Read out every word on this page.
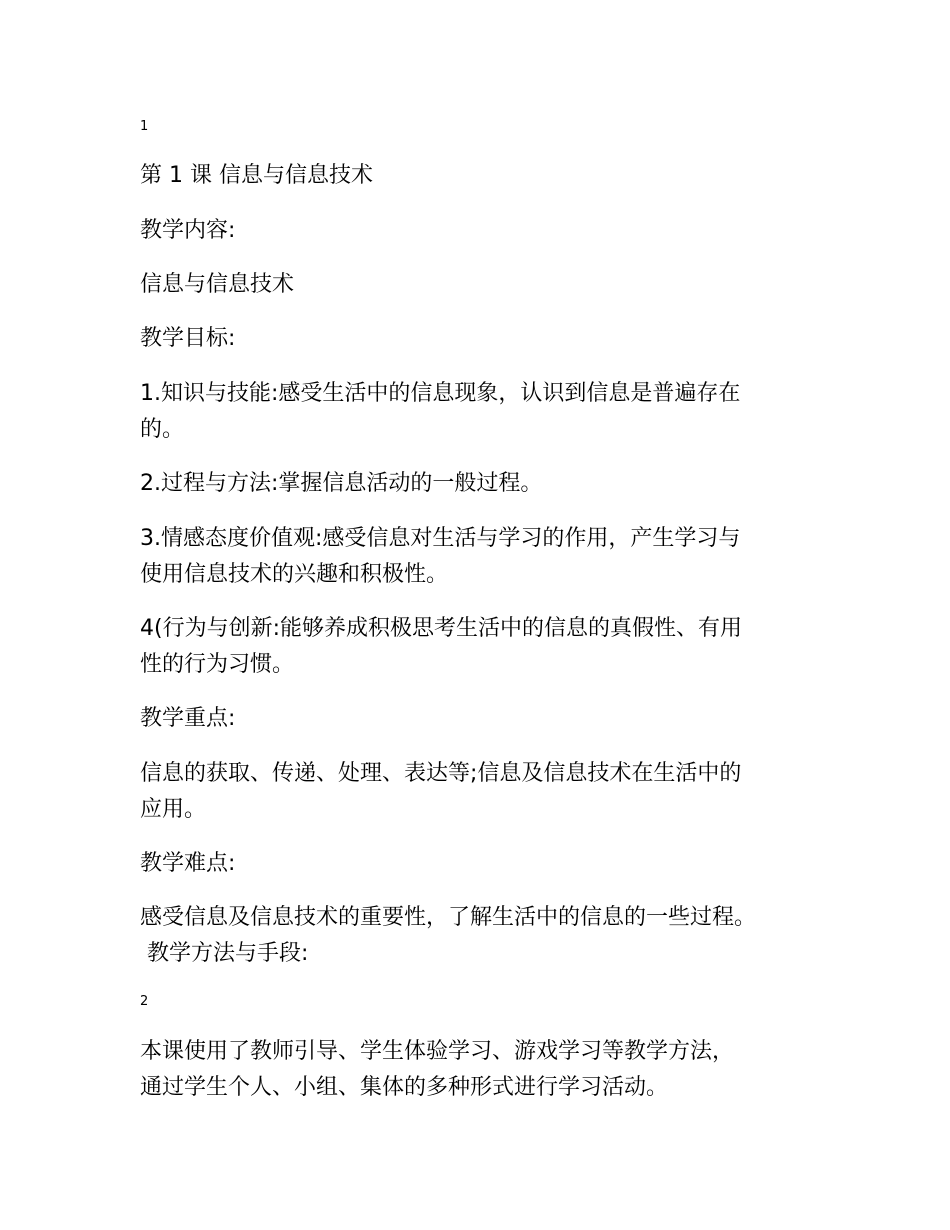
1
第 1 课 信息与信息技术
教学内容:
信息与信息技术
教学目标:
1.知识与技能:感受生活中的信息现象，认识到信息是普遍存在
的。
2.过程与方法:掌握信息活动的一般过程。
3.情感态度价值观:感受信息对生活与学习的作用，产生学习与
使用信息技术的兴趣和积极性。
4(行为与创新:能够养成积极思考生活中的信息的真假性、有用
性的行为习惯。
教学重点:
信息的获取、传递、处理、表达等;信息及信息技术在生活中的
应用。
教学难点:
感受信息及信息技术的重要性，了解生活中的信息的一些过程。
教学方法与手段:
2
本课使用了教师引导、学生体验学习、游戏学习等教学方法，
通过学生个人、小组、集体的多种形式进行学习活动。
